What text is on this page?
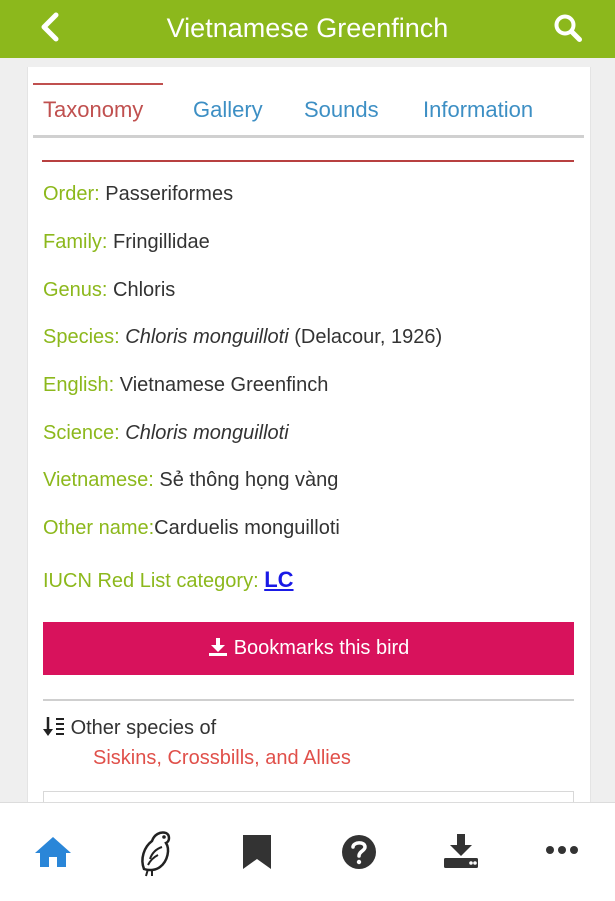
Vietnamese Greenfinch
Taxonomy Gallery Sounds Information
Order: Passeriformes
Family: Fringillidae
Genus: Chloris
Species: Chloris monguilloti (Delacour, 1926)
English: Vietnamese Greenfinch
Science: Chloris monguilloti
Vietnamese: Sẻ thông họng vàng
Other name:Carduelis monguilloti
IUCN Red List category: LC
Bookmarks this bird
Other species of
Siskins, Crossbills, and Allies
